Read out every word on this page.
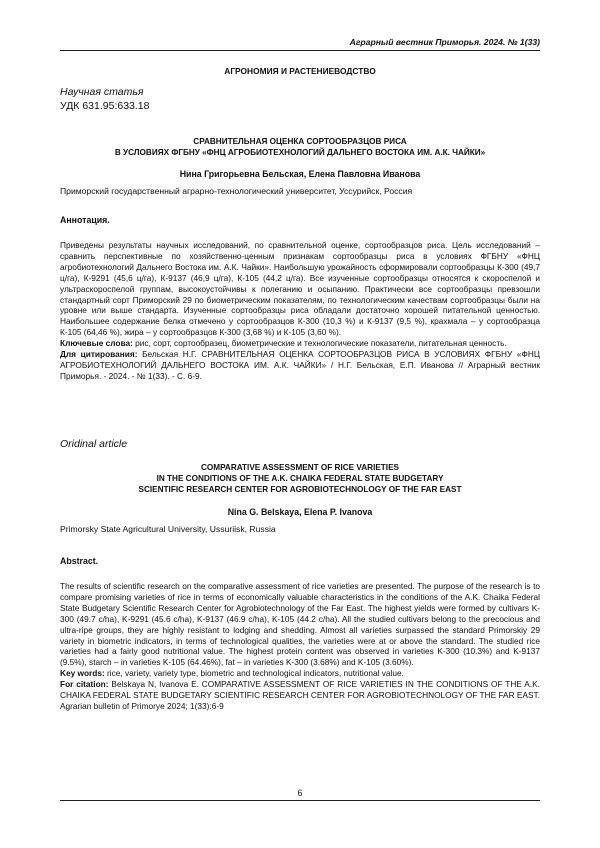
Аграрный вестник Приморья. 2024. № 1(33)
АГРОНОМИЯ И РАСТЕНИЕВОДСТВО
Научная статья
УДК 631.95:633.18
СРАВНИТЕЛЬНАЯ ОЦЕНКА СОРТООБРАЗЦОВ РИСА
В УСЛОВИЯХ ФГБНУ «ФНЦ АГРОБИОТЕХНОЛОГИЙ ДАЛЬНЕГО ВОСТОКА ИМ. А.К. ЧАЙКИ»
Нина Григорьевна Бельская, Елена Павловна Иванова
Приморский государственный аграрно-технологический университет, Уссурийск, Россия
Аннотация.

Приведены результаты научных исследований, по сравнительной оценке, сортообразцов риса. Цель исследований – сравнить перспективные по хозяйственно-ценным признакам сортообразцы риса в условиях ФГБНУ «ФНЦ агробиотехнологий Дальнего Востока им. А.К. Чайки». Наибольшую урожайность сформировали сортообразцы К-300 (49,7 ц/га), К-9291 (45,6 ц/га), К-9137 (46,9 ц/га), К-105 (44,2 ц/га). Все изученные сортообразцы относятся к скороспелой и ультраскороспелой группам, высокоустойчивы к полеганию и осыпанию. Практически все сортообразцы превзошли стандартный сорт Приморский 29 по биометрическим показателям, по технологическим качествам сортообразцы были на уровне или выше стандарта. Изученные сортообразцы риса обладали достаточно хорошей питательной ценностью. Наибольшее содержание белка отмечено у сортообразцов К-300 (10,3 %) и К-9137 (9,5 %), крахмала – у сортообразца К-105 (64,46 %), жира – у сортообразцов К-300 (3,68 %) и К-105 (3,60 %).

Ключевые слова: рис, сорт, сортообразец, биометрические и технологические показатели, питательная ценность.

Для цитирования: Бельская Н.Г. СРАВНИТЕЛЬНАЯ ОЦЕНКА СОРТООБРАЗЦОВ РИСА В УСЛОВИЯХ ФГБНУ «ФНЦ АГРОБИОТЕХНОЛОГИЙ ДАЛЬНЕГО ВОСТОКА ИМ. А.К. ЧАЙКИ» / Н.Г. Бельская, Е.П. Иванова // Аграрный вестник Приморья. - 2024. - № 1(33). - С. 6-9.

Oridinal article
COMPARATIVE ASSESSMENT OF RICE VARIETIES
IN THE CONDITIONS OF THE A.K. CHAIKA FEDERAL STATE BUDGETARY
SCIENTIFIC RESEARCH CENTER FOR AGROBIOTECHNOLOGY OF THE FAR EAST
Nina G. Belskaya, Elena P. Ivanova
Primorsky State Agricultural University, Ussuriisk, Russia
Abstract.

The results of scientific research on the comparative assessment of rice varieties are presented. The purpose of the research is to compare promising varieties of rice in terms of economically valuable characteristics in the conditions of the A.K. Chaika Federal State Budgetary Scientific Research Center for Agrobiotechnology of the Far East. The highest yields were formed by cultivars K-300 (49.7 c/ha), K-9291 (45.6 c/ha), K-9137 (46.9 c/ha), K-105 (44.2 c/ha). All the studied cultivars belong to the precocious and ultra-ripe groups, they are highly resistant to lodging and shedding. Almost all varieties surpassed the standard Primorskiy 29 variety in biometric indicators, in terms of technological qualities, the varieties were at or above the standard. The studied rice varieties had a fairly good nutritional value. The highest protein content was observed in varieties K-300 (10.3%) and K-9137 (9.5%), starch – in varieties K-105 (64.46%), fat – in varieties K-300 (3.68%) and K-105 (3.60%).

Key words: rice, variety, variety type, biometric and technological indicators, nutritional value.

For citation: Belskaya N, Ivanova E. COMPARATIVE ASSESSMENT OF RICE VARIETIES IN THE CONDITIONS OF THE A.K. CHAIKA FEDERAL STATE BUDGETARY SCIENTIFIC RESEARCH CENTER FOR AGROBIOTECHNOLOGY OF THE FAR EAST. Agrarian bulletin of Primorye 2024; 1(33):6-9

6
